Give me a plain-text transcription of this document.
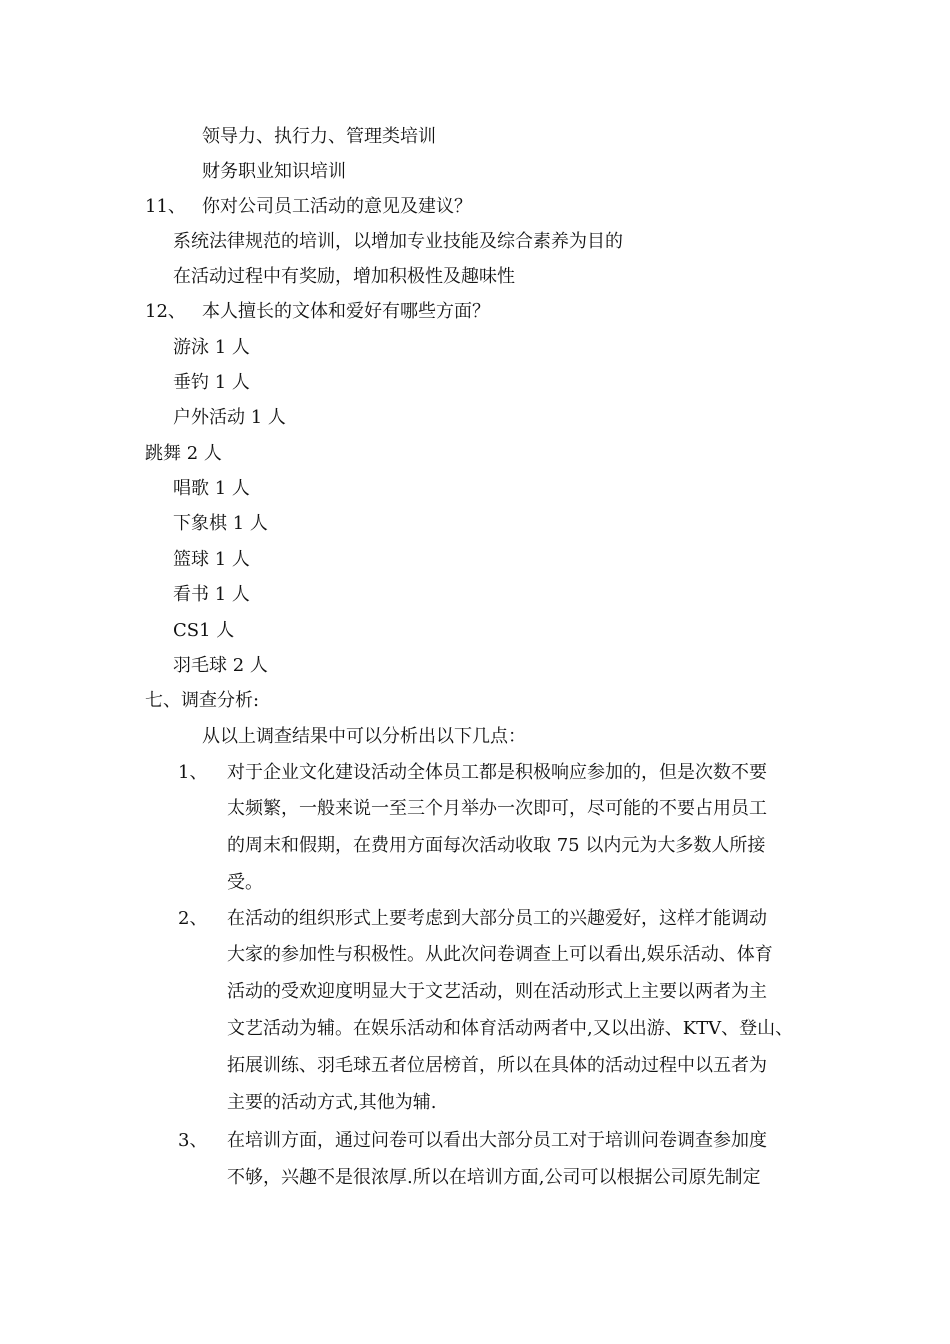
领导力、执行力、管理类培训
财务职业知识培训
11、 你对公司员工活动的意见及建议？
系统法律规范的培训，以增加专业技能及综合素养为目的
在活动过程中有奖励，增加积极性及趣味性
12、 本人擅长的文体和爱好有哪些方面？
游泳 1 人
垂钓 1 人
户外活动 1 人
跳舞 2 人
唱歌 1 人
下象棋 1 人
篮球 1 人
看书 1 人
CS1 人
羽毛球 2 人
七、调查分析:
从以上调查结果中可以分析出以下几点：
1、 对于企业文化建设活动全体员工都是积极响应参加的，但是次数不要
太频繁，一般来说一至三个月举办一次即可，尽可能的不要占用员工
的周末和假期，在费用方面每次活动收取 75 以内元为大多数人所接
受。
2、 在活动的组织形式上要考虑到大部分员工的兴趣爱好，这样才能调动
大家的参加性与积极性。从此次问卷调查上可以看出,娱乐活动、体育
活动的受欢迎度明显大于文艺活动，则在活动形式上主要以两者为主
文艺活动为辅。在娱乐活动和体育活动两者中,又以出游、KTV、登山、
拓展训练、羽毛球五者位居榜首，所以在具体的活动过程中以五者为
主要的活动方式,其他为辅.
3、 在培训方面，通过问卷可以看出大部分员工对于培训问卷调查参加度
不够，兴趣不是很浓厚.所以在培训方面,公司可以根据公司原先制定
